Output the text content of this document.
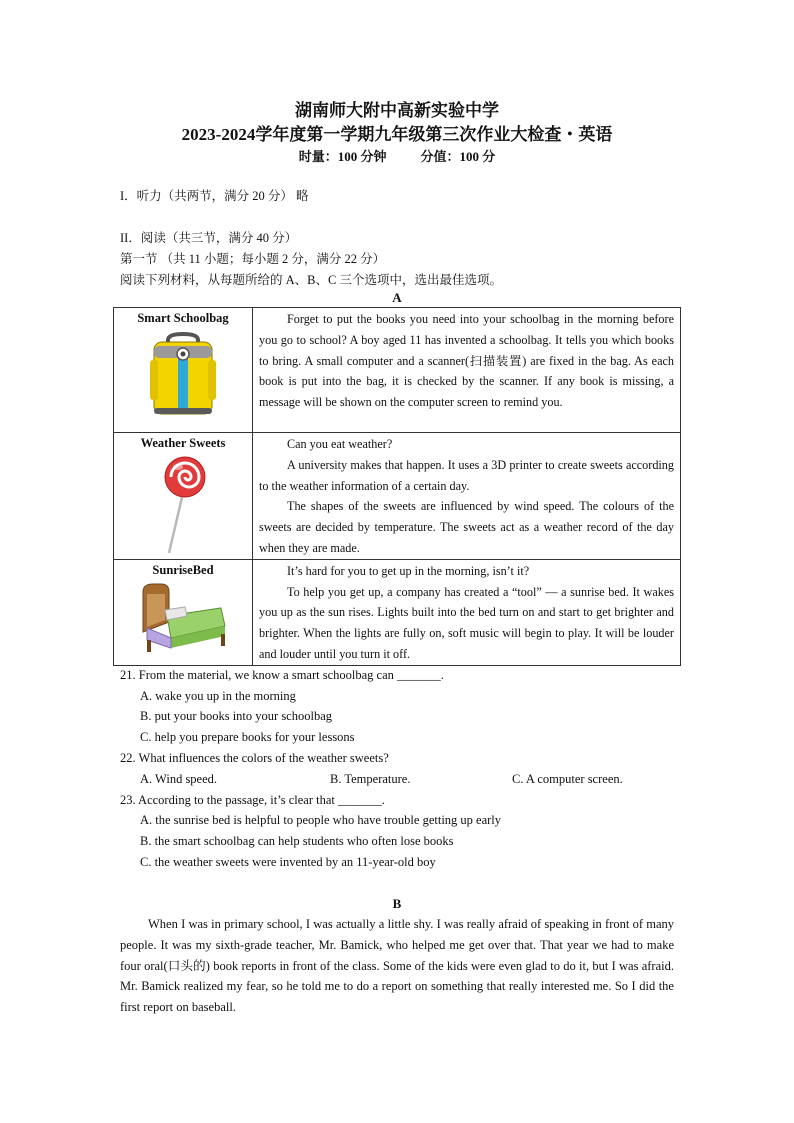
湖南师大附中高新实验中学
2023-2024学年度第一学期九年级第三次作业大检查・英语
时量：100 分钟	分值：100 分
I．听力（共两节，满分 20 分） 略
II．阅读（共三节，满分 40 分）
第一节 （共 11 小题；每小题 2 分，满分 22 分）
阅读下列材料，从每题所给的 A、B、C 三个选项中，选出最佳选项。
A
Smart Schoolbag	Forget to put the books you need into your schoolbag in the morning before you go to school? A boy aged 11 has invented a schoolbag. It tells you which books to bring. A small computer and a scanner(扫描装置) are fixed in the bag. As each book is put into the bag, it is checked by the scanner. If any book is missing, a message will be shown on the computer screen to remind you.

Weather Sweets	Can you eat weather?

A university makes that happen. It uses a 3D printer to create sweets according to the weather information of a certain day.

The shapes of the sweets are influenced by wind speed. The colours of the sweets are decided by temperature. The sweets act as a weather record of the day when they are made.

SunriseBed	It’s hard for you to get up in the morning, isn’t it?

To help you get up, a company has created a “tool” — a sunrise bed. It wakes you up as the sun rises. Lights built into the bed turn on and start to get brighter and brighter. When the lights are fully on, soft music will begin to play. It will be louder and louder until you turn it off.

21. From the material, we know a smart schoolbag can _______.
A. wake you up in the morning
B. put your books into your schoolbag
C. help you prepare books for your lessons
22. What influences the colors of the weather sweets?
A. Wind speed.	B. Temperature.	C. A computer screen.
23. According to the passage, it’s clear that _______.
A. the sunrise bed is helpful to people who have trouble getting up early
B. the smart schoolbag can help students who often lose books
C. the weather sweets were invented by an 11-year-old boy
B

When I was in primary school, I was actually a little shy. I was really afraid of speaking in front of many people. It was my sixth-grade teacher, Mr. Bamick, who helped me get over that. That year we had to make four oral(口头的) book reports in front of the class. Some of the kids were even glad to do it, but I was afraid. Mr. Bamick realized my fear, so he told me to do a report on something that really interested me. So I did the first report on baseball.
